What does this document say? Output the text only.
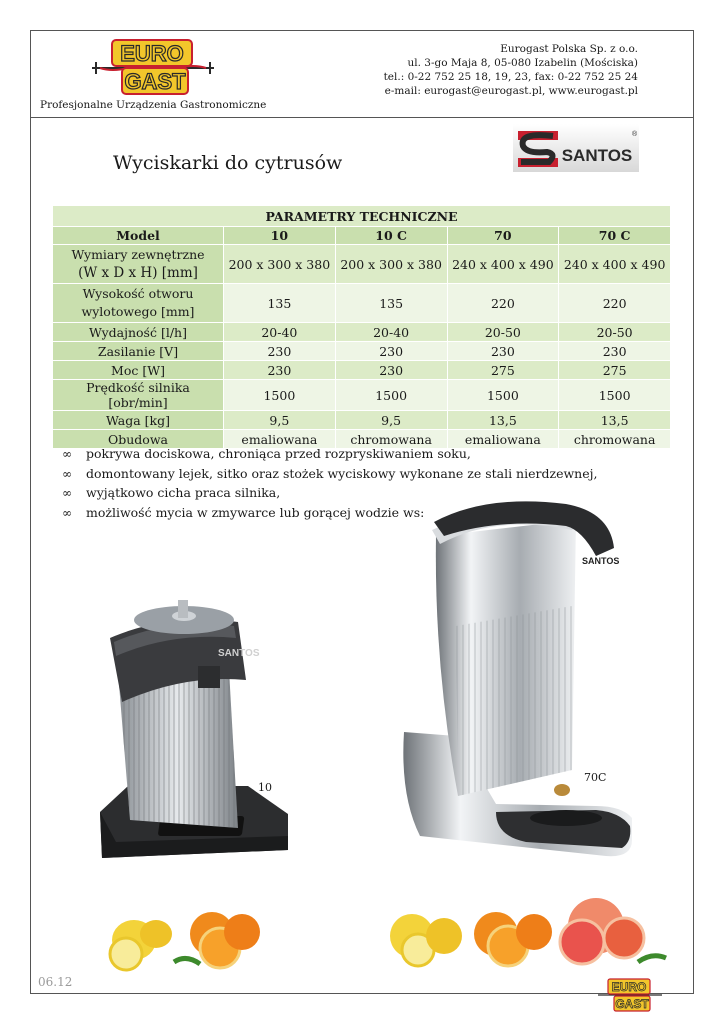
EURO
GAST
Profesjonalne Urządzenia Gastronomiczne
Eurogast Polska Sp. z o.o.
ul. 3-go Maja 8, 05-080 Izabelin (Mościska)
tel.: 0-22 752 25 18, 19, 23, fax: 0-22 752 25 24
e-mail: eurogast@eurogast.pl, www.eurogast.pl
SANTOS
®
Wyciskarki do cytrusów
PARAMETRY TECHNICZNE				
Model	10	10 C	70	70 C

Wymiary zewnętrzne
(W x D x H) [mm]	200 x 300 x 380	200 x 300 x 380	240 x 400 x 490	240 x 400 x 490

Wysokość otworu
wylotowego [mm]	135	135	220	220
Wydajność [l/h]	20-40	20-40	20-50	20-50
Zasilanie [V]	230	230	230	230
Moc [W]	230	230	275	275
Prędkość silnika [obr/min]	1500	1500	1500	1500
Waga [kg]	9,5	9,5	13,5	13,5
Obudowa	emaliowana	chromowana	emaliowana	chromowana
∞ pokrywa dociskowa, chroniąca przed rozpryskiwaniem soku,
∞ domontowany lejek, sitko oraz stożek wyciskowy wykonane ze stali nierdzewnej,
∞ wyjątkowo cicha praca silnika,
∞ możliwość mycia w zmywarce lub gorącej wodzie ws:
SANTOS
10
SANTOS
70C
06.12	EURO
GAST
